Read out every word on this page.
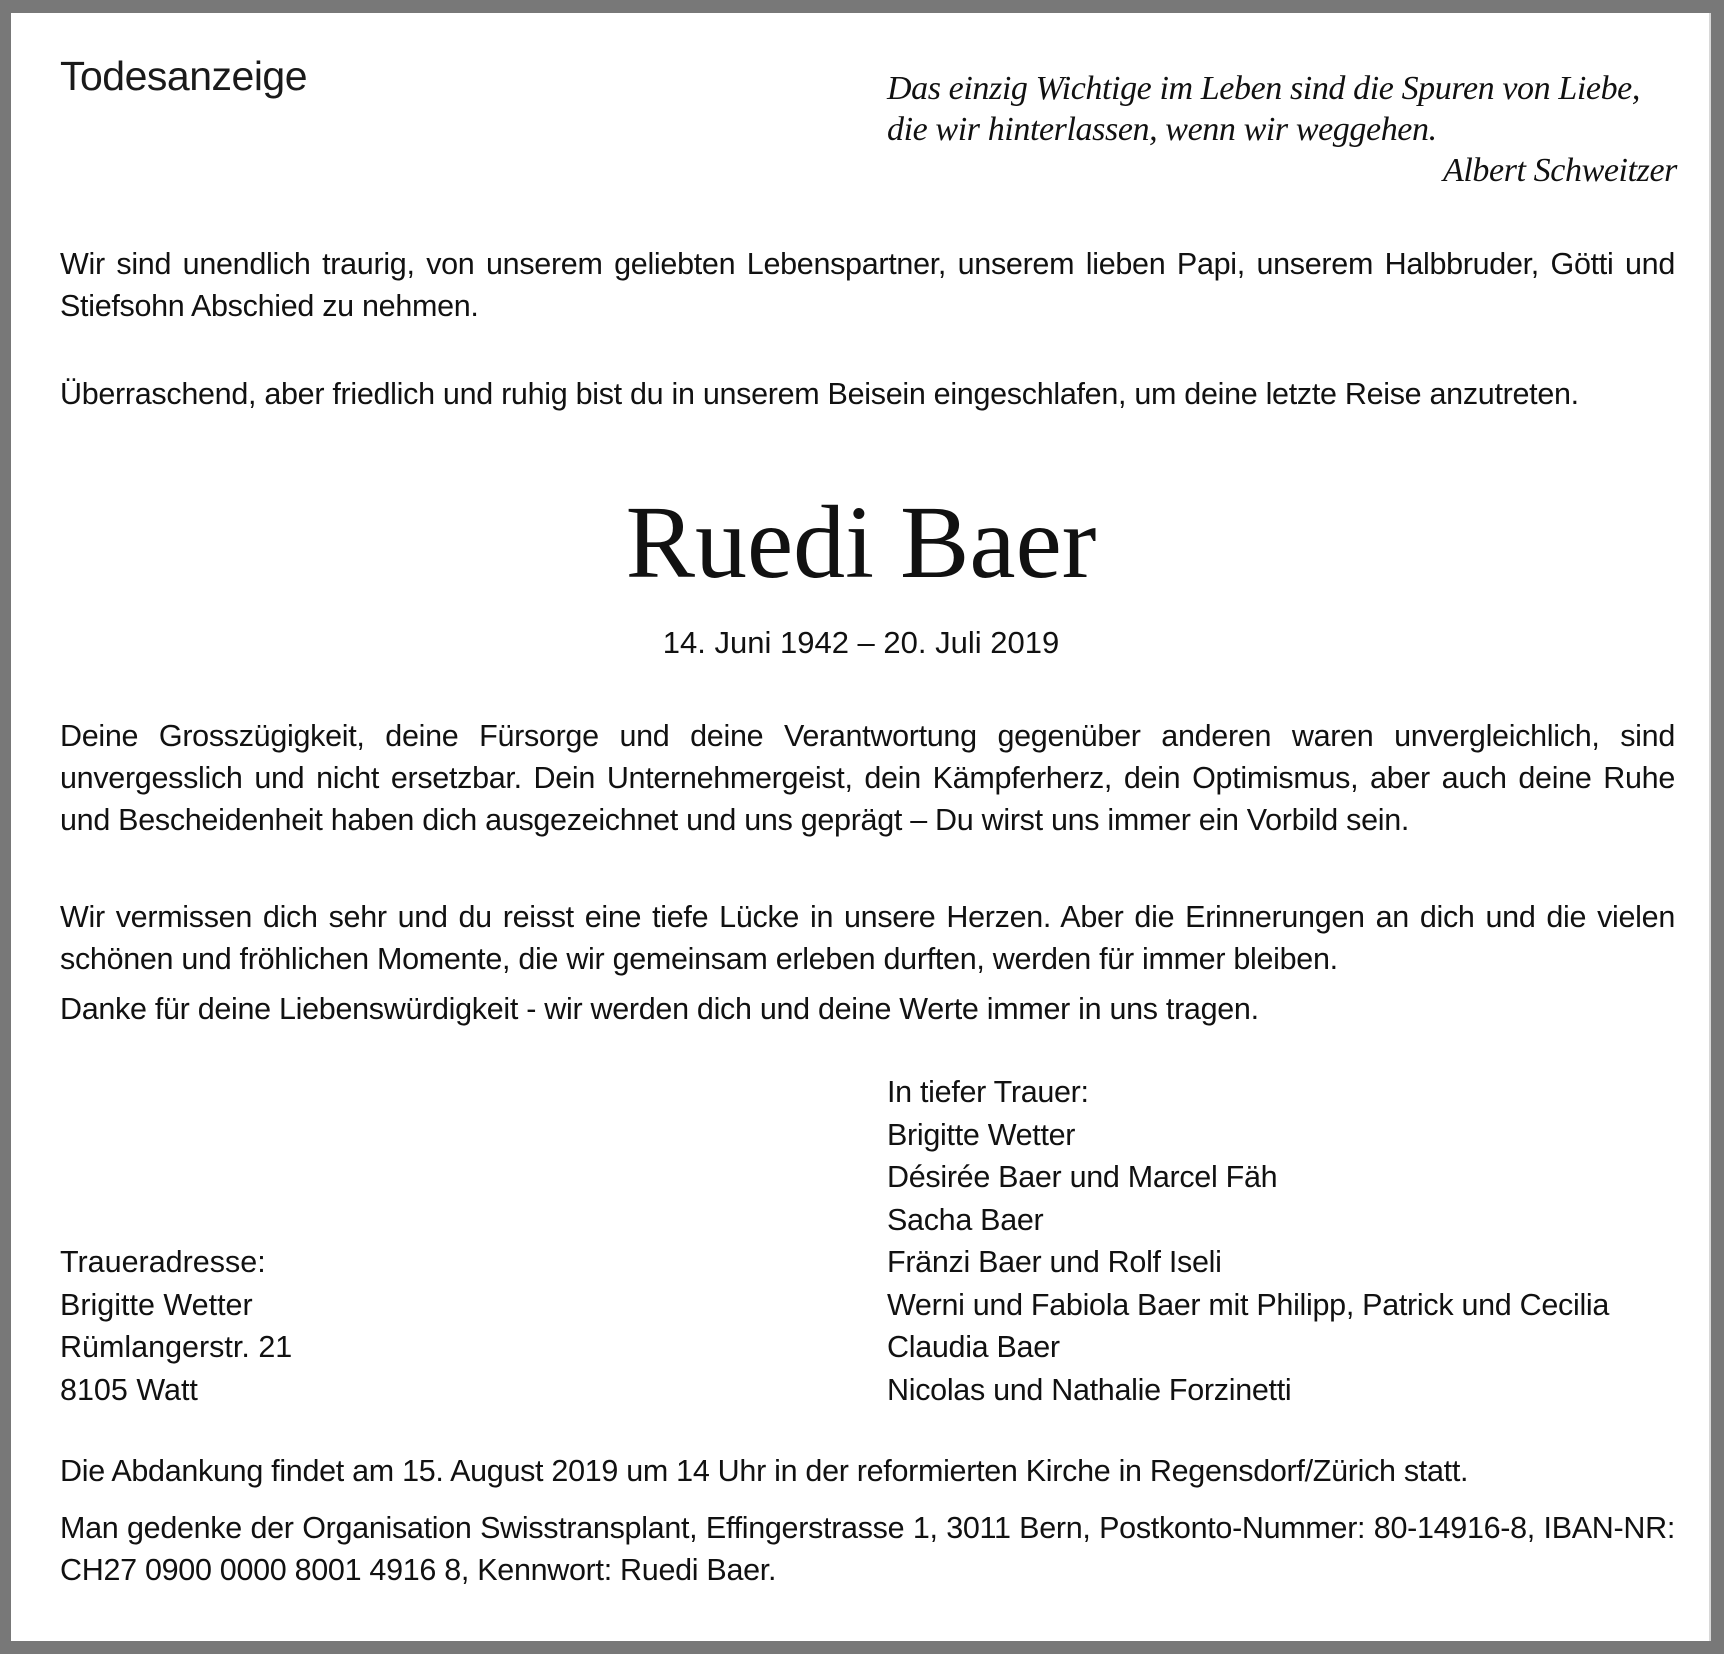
Todesanzeige	Das einzig Wichtige im Leben sind die Spuren von Liebe,
die wir hinterlassen, wenn wir weggehen.
Albert Schweitzer
Wir sind unendlich traurig, von unserem geliebten Lebenspartner, unserem lieben Papi, unserem Halbbruder, Götti und Stiefsohn Abschied zu nehmen.
Überraschend, aber friedlich und ruhig bist du in unserem Beisein eingeschlafen, um deine letzte Reise anzutreten.
Ruedi Baer
14. Juni 1942 – 20. Juli 2019
Deine Grosszügigkeit, deine Fürsorge und deine Verantwortung gegenüber anderen waren unvergleichlich, sind unvergesslich und nicht ersetzbar. Dein Unternehmergeist, dein Kämpferherz, dein Optimismus, aber auch deine Ruhe und Bescheidenheit haben dich ausgezeichnet und uns geprägt – Du wirst uns immer ein Vorbild sein.
Wir vermissen dich sehr und du reisst eine tiefe Lücke in unsere Herzen. Aber die Erinnerungen an dich und die vielen schönen und fröhlichen Momente, die wir gemeinsam erleben durften, werden für immer bleiben.
Danke für deine Liebenswürdigkeit - wir werden dich und deine Werte immer in uns tragen.
In tiefer Trauer:
Brigitte Wetter
Désirée Baer und Marcel Fäh
Sacha Baer
Fränzi Baer und Rolf Iseli
Werni und Fabiola Baer mit Philipp, Patrick und Cecilia
Claudia Baer
Nicolas und Nathalie Forzinetti
Traueradresse:
Brigitte Wetter
Rümlangerstr. 21
8105 Watt
Die Abdankung findet am 15. August 2019 um 14 Uhr in der reformierten Kirche in Regensdorf/Zürich statt.
Man gedenke der Organisation Swisstransplant, Effingerstrasse 1, 3011 Bern, Postkonto-Nummer: 80-14916-8, IBAN-NR: CH27 0900 0000 8001 4916 8, Kennwort: Ruedi Baer.
